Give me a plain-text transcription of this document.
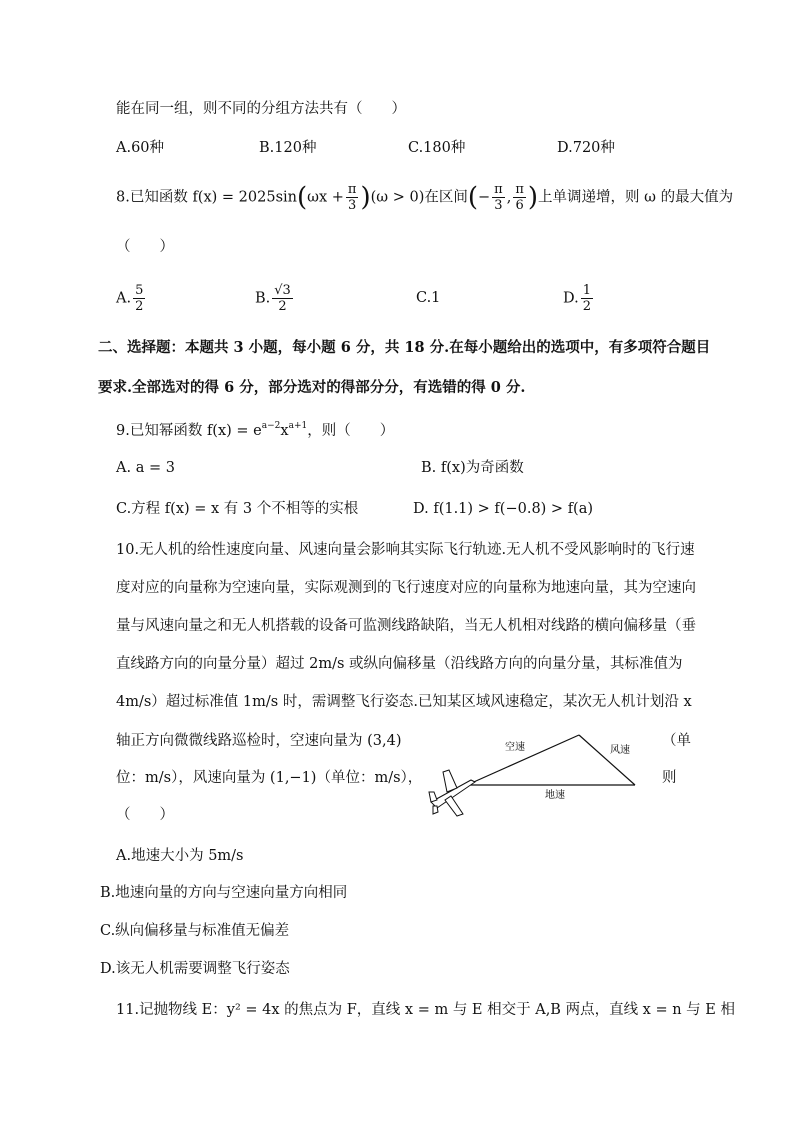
能在同一组，则不同的分组方法共有（　　）
A.60种	B.120种	C.180种	D.720种
8.已知函数 $f(x) = 2025\sin(\omega x + \frac{\pi}{3} )(\omega > 0)$在区间(− $\frac{\pi}{3}$ , $\frac{\pi}{6}$ )上单调递增，则 ω 的最大值为
（　　）
A. $\frac{5}{2}$	B. $\frac{√3}{2}$	C.1	D. $\frac{1}{2}$
二、选择题：本题共 3 小题，每小题 6 分，共 18 分.在每小题给出的选项中，有多项符合题目
要求.全部选对的得 6 分，部分选对的得部分分，有选错的得 0 分.
9.已知幂函数 $f(x) = e^{a-2}x^{a+1}$，则（　　）
A. a = 3	B. f(x)为奇函数
C.方程 f(x) = x 有 3 个不相等的实根	D. f(1.1) > f(−0.8) > f(a)
10.无人机的给性速度向量、风速向量会影响其实际飞行轨迹.无人机不受风影响时的飞行速
度对应的向量称为空速向量，实际观测到的飞行速度对应的向量称为地速向量，其为空速向
量与风速向量之和无人机搭载的设备可监测线路缺陷，当无人机相对线路的横向偏移量（垂
直线路方向的向量分量）超过 2m/s 或纵向偏移量（沿线路方向的向量分量，其标准值为
4m/s）超过标准值 1m/s 时，需调整飞行姿态.已知某区域风速稳定，某次无人机计划沿 x
轴正方向微微线路巡检时，空速向量为 (3,4)	（单
位：m/s），风速向量为 (1,−1)（单位：m/s），	则
（　　）
空速	风速
地速
A.地速大小为 5m/s
B.地速向量的方向与空速向量方向相同
C.纵向偏移量与标准值无偏差
D.该无人机需要调整飞行姿态
11.记抛物线 E：y² = 4x 的焦点为 F，直线 x = m 与 E 相交于 A,B 两点，直线 x = n 与 E 相
